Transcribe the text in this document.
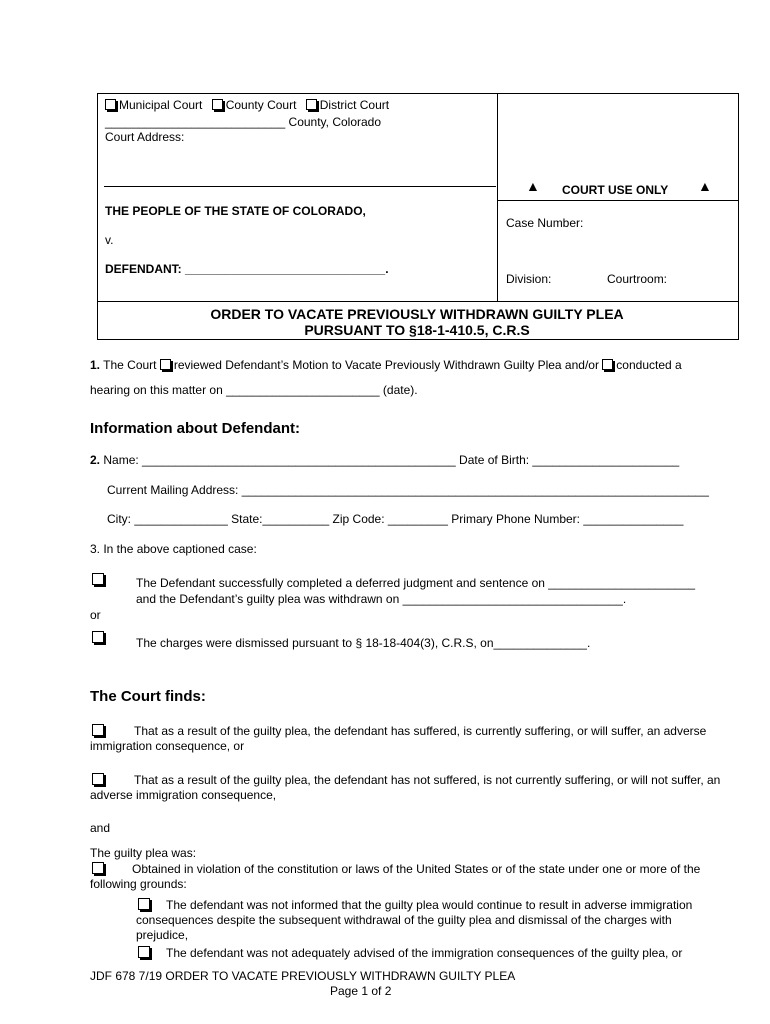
Municipal Court County Court District Court
___________________________ County, Colorado
Court Address:
THE PEOPLE OF THE STATE OF COLORADO,
v.
DEFENDANT: ______________________________.
▲ COURT USE ONLY ▲
Case Number:
Division:	Courtroom:
ORDER TO VACATE PREVIOUSLY WITHDRAWN GUILTY PLEA
PURSUANT TO §18-1-410.5, C.R.S
1. The Court reviewed Defendant’s Motion to Vacate Previously Withdrawn Guilty Plea and/or conducted a
hearing on this matter on _______________________ (date).
Information about Defendant:
2. Name: _______________________________________________ Date of Birth: ______________________
Current Mailing Address: ______________________________________________________________________
City: ______________ State:__________ Zip Code: _________ Primary Phone Number: _______________
3. In the above captioned case:
The Defendant successfully completed a deferred judgment and sentence on ______________________
and the Defendant’s guilty plea was withdrawn on _________________________________.
or
The charges were dismissed pursuant to § 18-18-404(3), C.R.S, on______________.
The Court finds:
That as a result of the guilty plea, the defendant has suffered, is currently suffering, or will suffer, an adverse immigration consequence, or
That as a result of the guilty plea, the defendant has not suffered, is not currently suffering, or will not suffer, an adverse immigration consequence,
and
The guilty plea was:
Obtained in violation of the constitution or laws of the United States or of the state under one or more of the following grounds:
The defendant was not informed that the guilty plea would continue to result in adverse immigration consequences despite the subsequent withdrawal of the guilty plea and dismissal of the charges with prejudice,
The defendant was not adequately advised of the immigration consequences of the guilty plea, or
JDF 678 7/19 ORDER TO VACATE PREVIOUSLY WITHDRAWN GUILTY PLEA
Page 1 of 2
